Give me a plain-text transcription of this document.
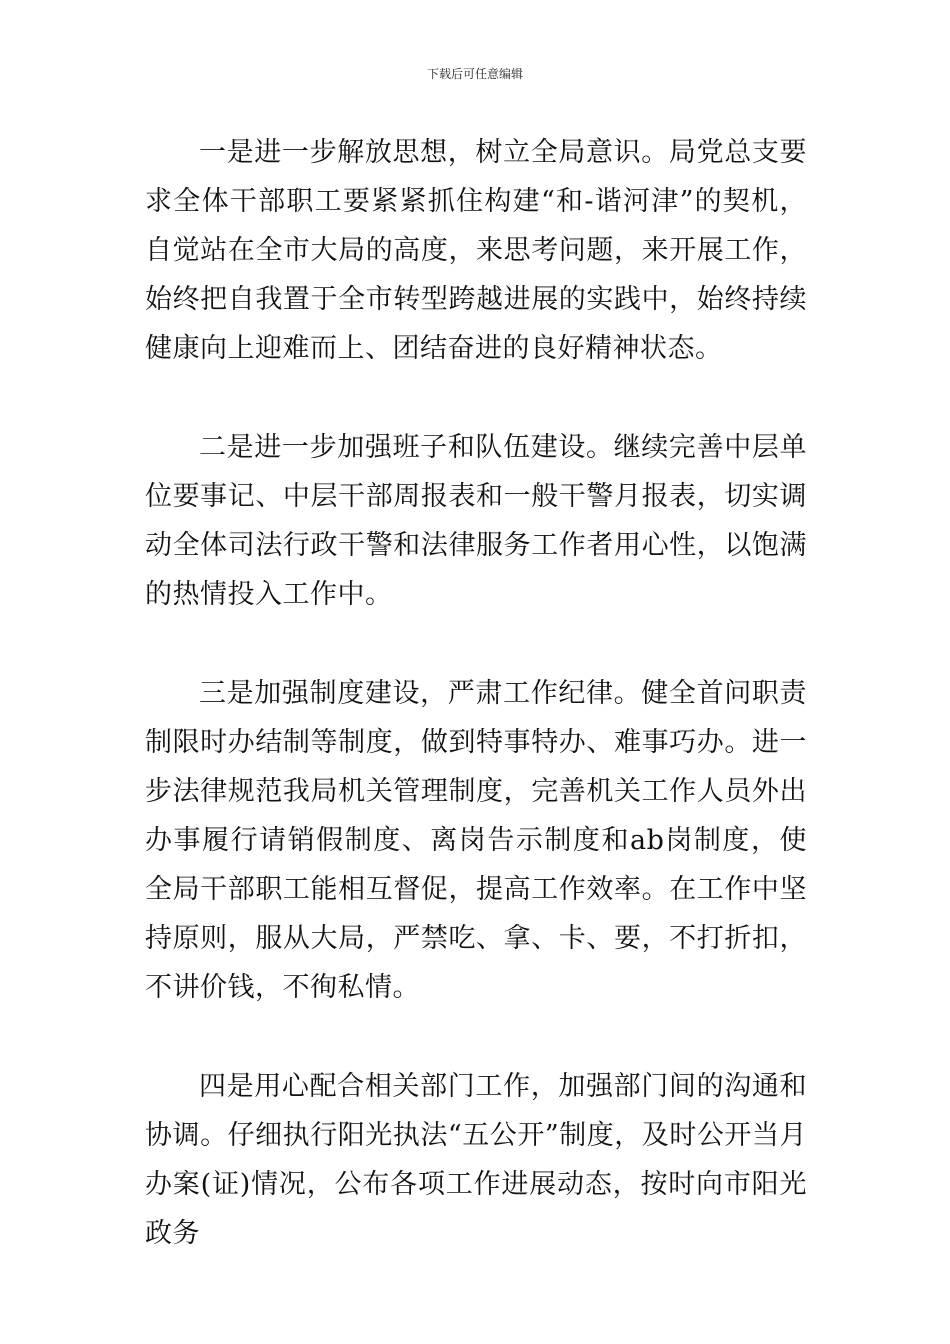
下载后可任意编辑

一是进一步解放思想，树立全局意识。局党总支要求全体干部职工要紧紧抓住构建“和-谐河津”的契机，自觉站在全市大局的高度，来思考问题，来开展工作，始终把自我置于全市转型跨越进展的实践中，始终持续健康向上迎难而上、团结奋进的良好精神状态。

二是进一步加强班子和队伍建设。继续完善中层单位要事记、中层干部周报表和一般干警月报表，切实调动全体司法行政干警和法律服务工作者用心性，以饱满的热情投入工作中。

三是加强制度建设，严肃工作纪律。健全首问职责制限时办结制等制度，做到特事特办、难事巧办。进一步法律规范我局机关管理制度，完善机关工作人员外出办事履行请销假制度、离岗告示制度和ab岗制度，使全局干部职工能相互督促，提高工作效率。在工作中坚持原则，服从大局，严禁吃、拿、卡、要，不打折扣，不讲价钱，不徇私情。

四是用心配合相关部门工作，加强部门间的沟通和协调。仔细执行阳光执法“五公开”制度，及时公开当月办案(证)情况，公布各项工作进展动态，按时向市阳光政务
